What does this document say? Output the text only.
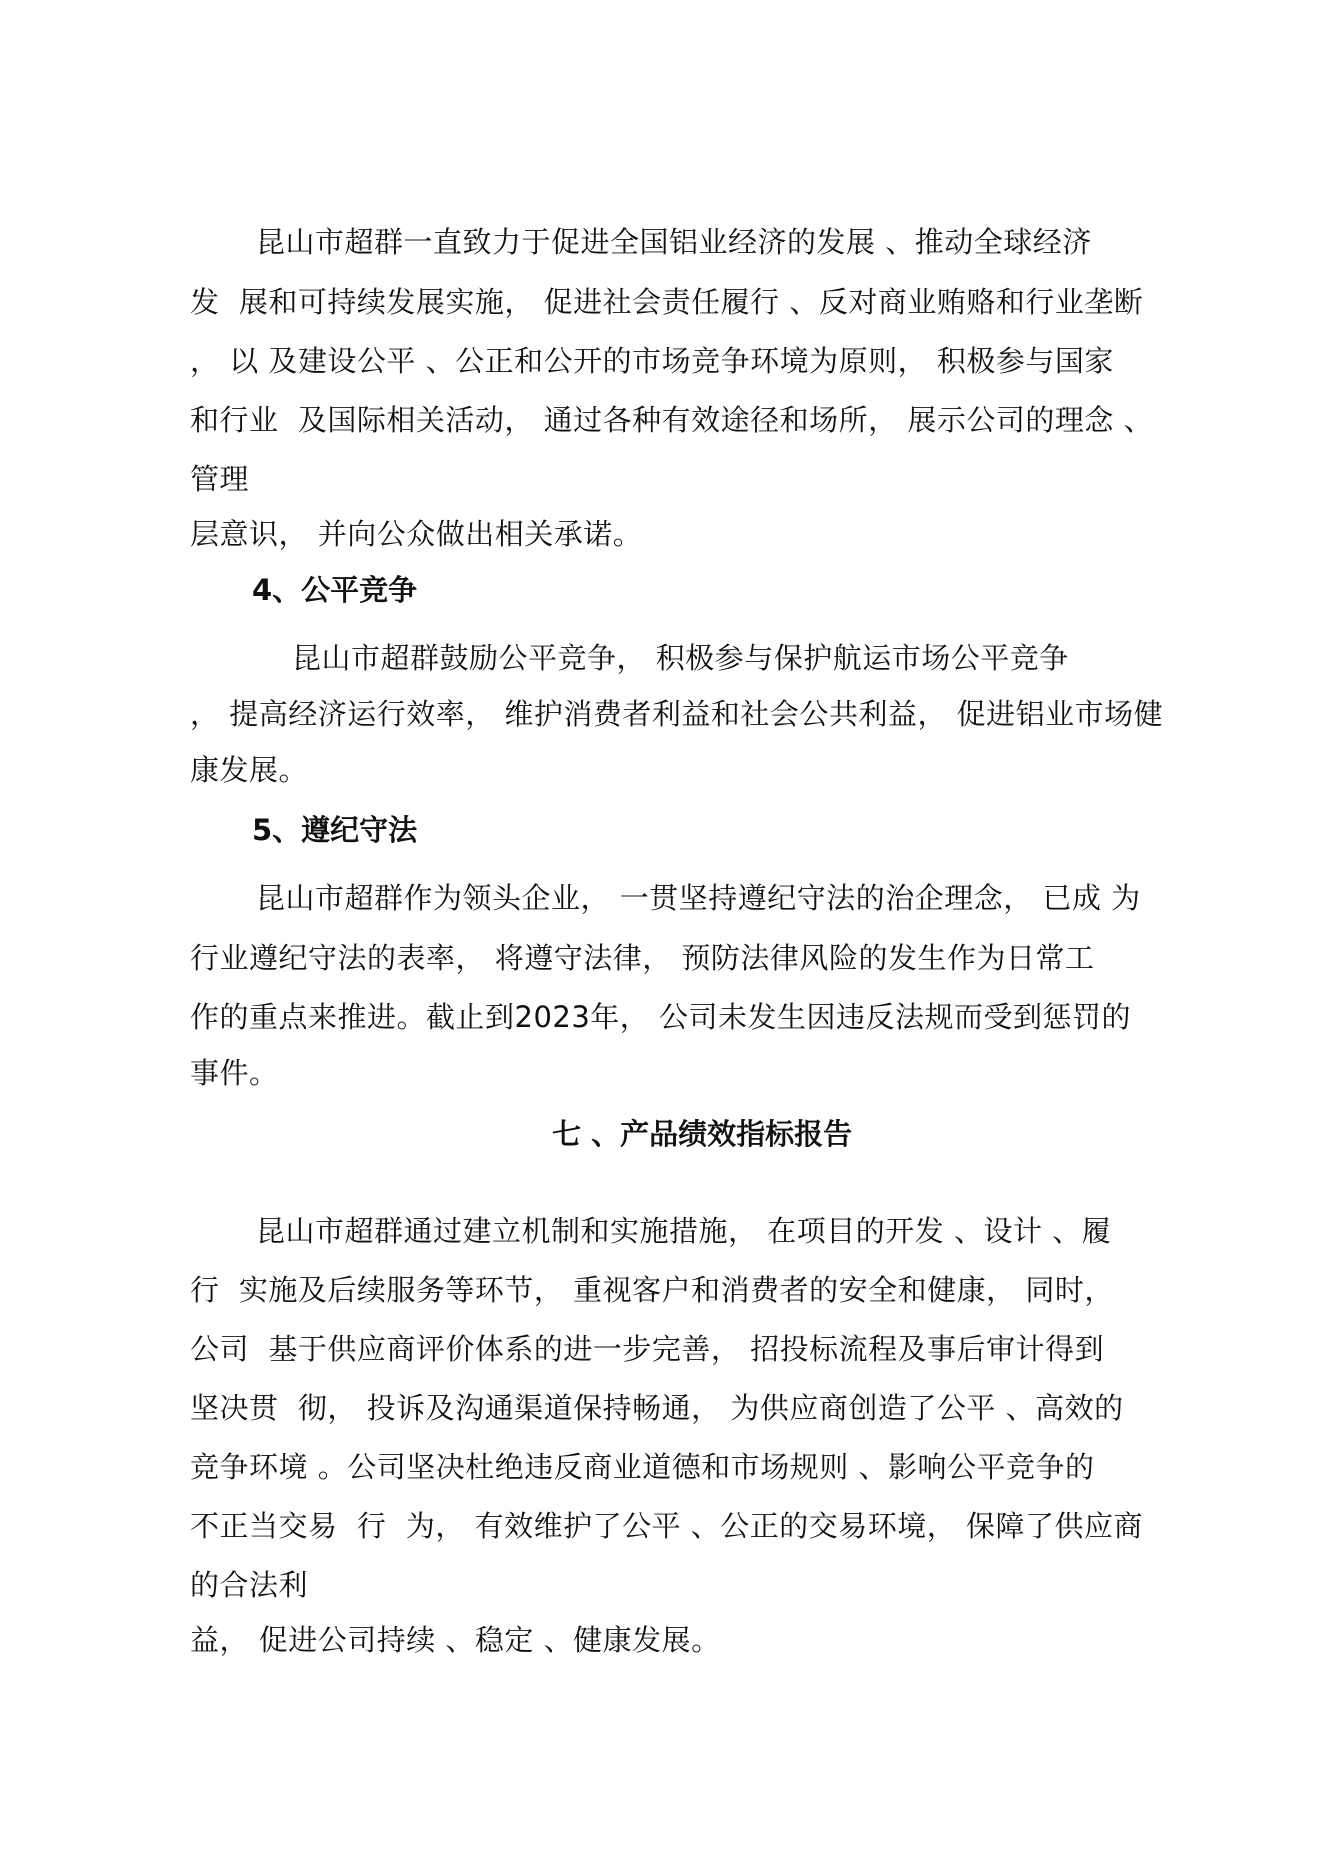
昆山市超群一直致力于促进全国铝业经济的发展 、推动全球经济
发  展和可持续发展实施， 促进社会责任履行 、反对商业贿赂和行业垄断
， 以 及建设公平 、公正和公开的市场竞争环境为原则， 积极参与国家
和行业  及国际相关活动， 通过各种有效途径和场所， 展示公司的理念 、
管理
层意识， 并向公众做出相关承诺。
4、公平竞争
昆山市超群鼓励公平竞争， 积极参与保护航运市场公平竞争
， 提高经济运行效率， 维护消费者利益和社会公共利益， 促进铝业市场健
康发展。
5、遵纪守法
昆山市超群作为领头企业， 一贯坚持遵纪守法的治企理念， 已成 为
行业遵纪守法的表率， 将遵守法律， 预防法律风险的发生作为日常工
作的重点来推进。截止到2023年， 公司未发生因违反法规而受到惩罚的
事件。
七 、产品绩效指标报告
昆山市超群通过建立机制和实施措施， 在项目的开发 、设计 、履
行  实施及后续服务等环节， 重视客户和消费者的安全和健康， 同时，
公司  基于供应商评价体系的进一步完善， 招投标流程及事后审计得到
坚决贯  彻， 投诉及沟通渠道保持畅通， 为供应商创造了公平 、高效的
竞争环境 。公司坚决杜绝违反商业道德和市场规则 、影响公平竞争的
不正当交易  行  为， 有效维护了公平 、公正的交易环境， 保障了供应商
的合法利
益， 促进公司持续 、稳定 、健康发展。
